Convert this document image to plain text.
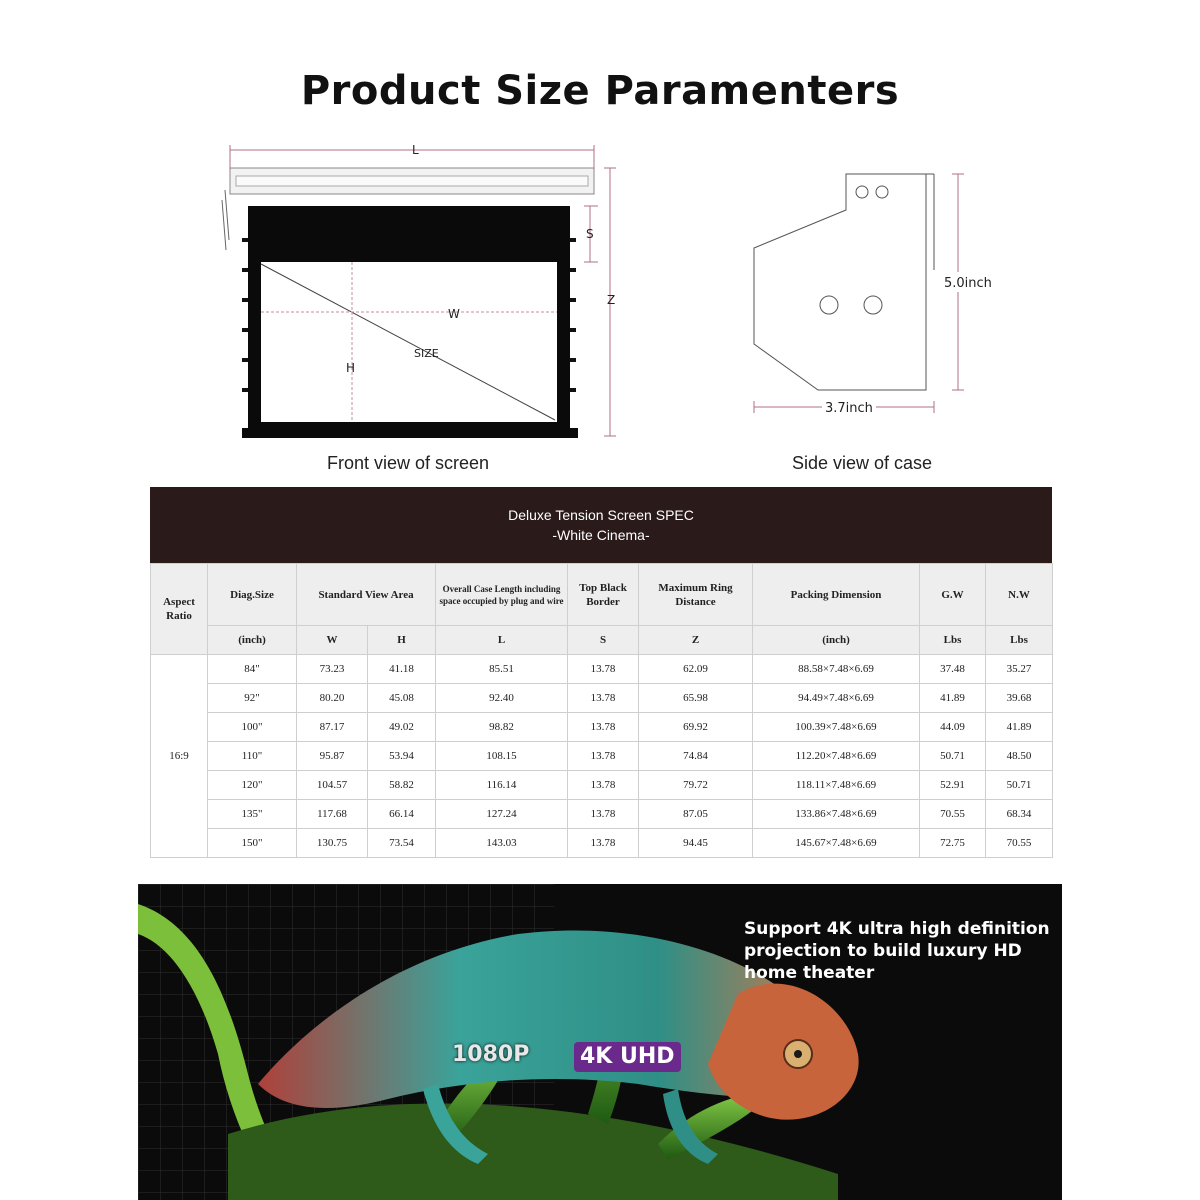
Product Size Paramenters
L
S
Z
W
H
SIZE
5.0inch
3.7inch
Front view of screen	Side view of case
Deluxe Tension Screen SPEC
-White Cinema-
Aspect Ratio	Diag.Size	Standard View Area		Overall Case Length including space occupied by plug and wire	Top Black Border	Maximum Ring Distance	Packing Dimension	G.W	N.W
	(inch)	W	H	L	S	Z	(inch)	Lbs	Lbs
16:9	84"	73.23	41.18	85.51	13.78	62.09	88.58×7.48×6.69	37.48	35.27
	92"	80.20	45.08	92.40	13.78	65.98	94.49×7.48×6.69	41.89	39.68
	100"	87.17	49.02	98.82	13.78	69.92	100.39×7.48×6.69	44.09	41.89
	110"	95.87	53.94	108.15	13.78	74.84	112.20×7.48×6.69	50.71	48.50
	120"	104.57	58.82	116.14	13.78	79.72	118.11×7.48×6.69	52.91	50.71
	135"	117.68	66.14	127.24	13.78	87.05	133.86×7.48×6.69	70.55	68.34
	150"	130.75	73.54	143.03	13.78	94.45	145.67×7.48×6.69	72.75	70.55
Support 4K ultra high definition projection to build luxury HD home theater
1080P 4K UHD
